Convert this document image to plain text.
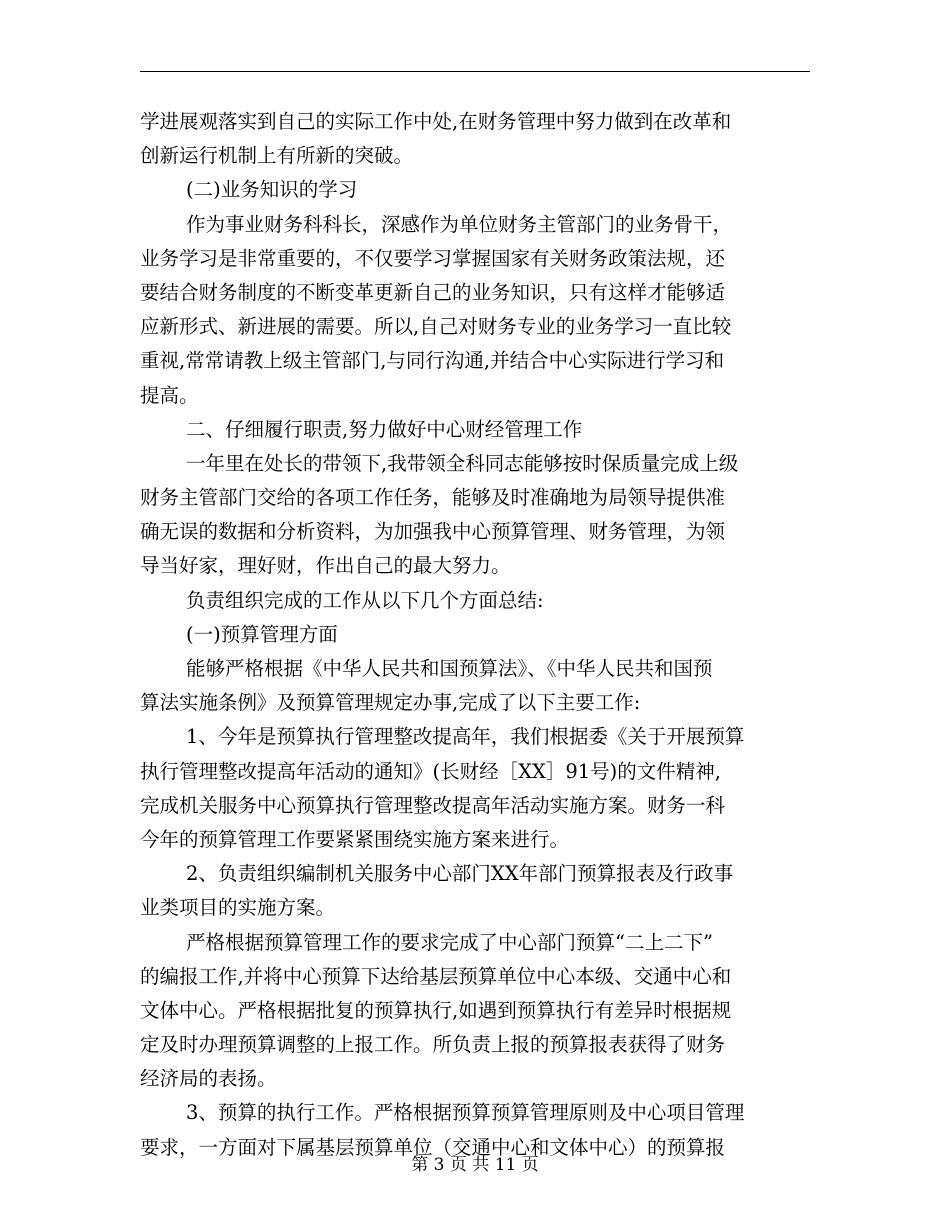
学进展观落实到自己的实际工作中处,在财务管理中努力做到在改革和
创新运行机制上有所新的突破。
(二)业务知识的学习
作为事业财务科科长，深感作为单位财务主管部门的业务骨干，
业务学习是非常重要的，不仅要学习掌握国家有关财务政策法规，还
要结合财务制度的不断变革更新自己的业务知识，只有这样才能够适
应新形式、新进展的需要。所以,自己对财务专业的业务学习一直比较
重视,常常请教上级主管部门,与同行沟通,并结合中心实际进行学习和
提高。
二、仔细履行职责,努力做好中心财经管理工作
一年里在处长的带领下,我带领全科同志能够按时保质量完成上级
财务主管部门交给的各项工作任务，能够及时准确地为局领导提供准
确无误的数据和分析资料，为加强我中心预算管理、财务管理，为领
导当好家，理好财，作出自己的最大努力。
负责组织完成的工作从以下几个方面总结:
(一)预算管理方面
能够严格根据《中华人民共和国预算法》、《中华人民共和国预
算法实施条例》及预算管理规定办事,完成了以下主要工作:
1、今年是预算执行管理整改提高年，我们根据委《关于开展预算
执行管理整改提高年活动的通知》(长财经［XX］91号)的文件精神,
完成机关服务中心预算执行管理整改提高年活动实施方案。财务一科
今年的预算管理工作要紧紧围绕实施方案来进行。
2、负责组织编制机关服务中心部门XX年部门预算报表及行政事
业类项目的实施方案。
严格根据预算管理工作的要求完成了中心部门预算“二上二下”
的编报工作,并将中心预算下达给基层预算单位中心本级、交通中心和
文体中心。严格根据批复的预算执行,如遇到预算执行有差异时根据规
定及时办理预算调整的上报工作。所负责上报的预算报表获得了财务
经济局的表扬。
3、预算的执行工作。严格根据预算预算管理原则及中心项目管理
要求，一方面对下属基层预算单位（交通中心和文体中心）的预算报
第 3 页 共 11 页
